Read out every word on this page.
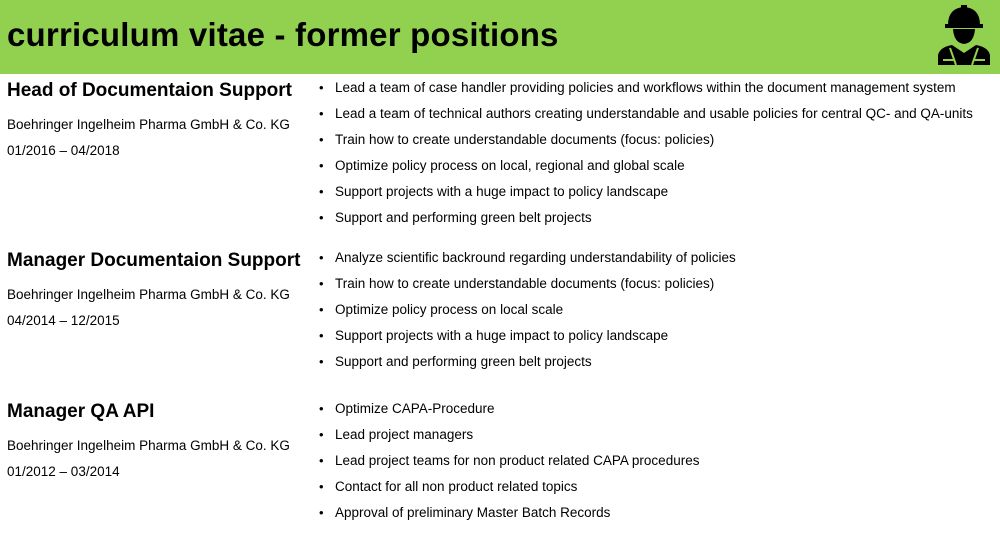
curriculum vitae - former positions
Head of Documentaion Support
Boehringer Ingelheim Pharma GmbH & Co. KG
01/2016 – 04/2018
• Lead a team of case handler providing policies and workflows within the document management system
• Lead a team of technical authors creating understandable and usable policies for central QC- and QA-units
• Train how to create understandable documents (focus: policies)
• Optimize policy process on local, regional and global scale
• Support projects with a huge impact to policy landscape
• Support and performing green belt projects
Manager Documentaion Support
Boehringer Ingelheim Pharma GmbH & Co. KG
04/2014 – 12/2015
• Analyze scientific backround regarding understandability of policies
• Train how to create understandable documents (focus: policies)
• Optimize policy process on local scale
• Support projects with a huge impact to policy landscape
• Support and performing green belt projects
Manager QA API
Boehringer Ingelheim Pharma GmbH & Co. KG
01/2012 – 03/2014
• Optimize CAPA-Procedure
• Lead project managers
• Lead project teams for non product related CAPA procedures
• Contact for all non product related topics
• Approval of preliminary Master Batch Records
